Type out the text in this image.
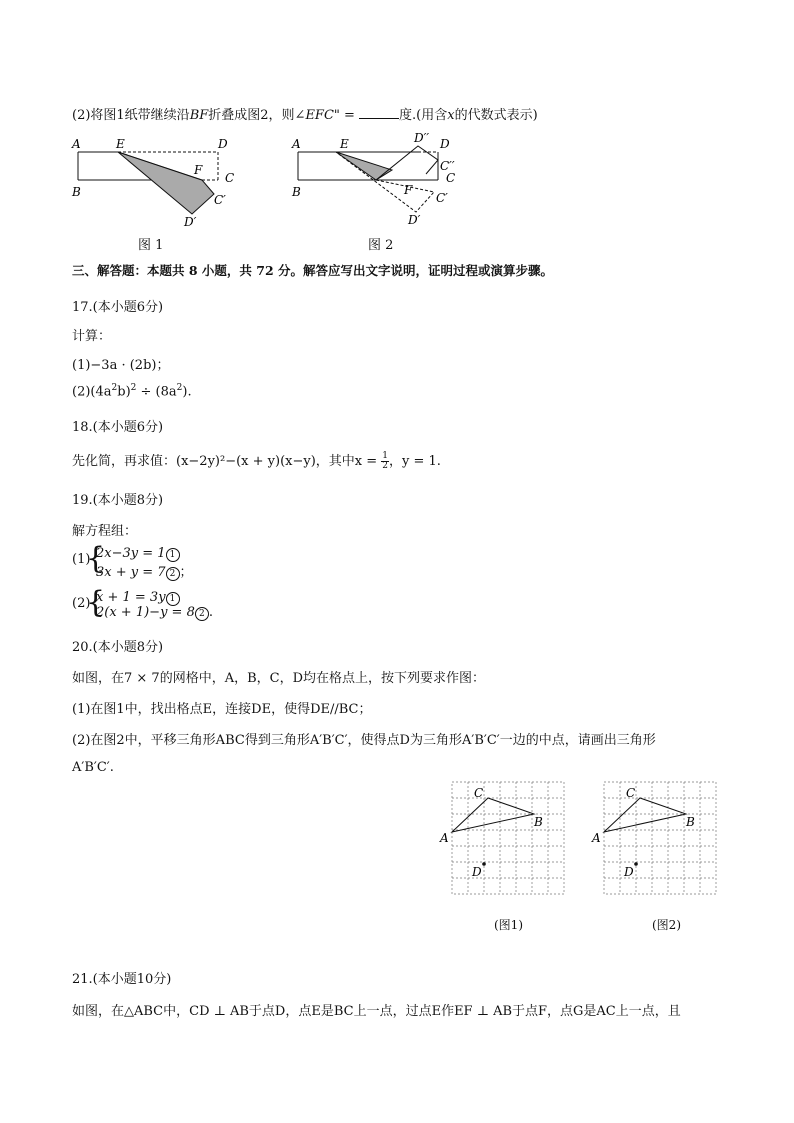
(2)将图1纸带继续沿BF折叠成图2，则∠EFC" =	度.(用含x的代数式表示)
A	E	D
F
C
B
C′
D′
图 1
A	E	D′′ D
C′′
C
F
B	C′
D′
图 2
三、解答题：本题共 8 小题，共 72 分。解答应写出文字说明，证明过程或演算步骤。
17.(本小题6分)
计算：
(1)−3a · (2b)；
$(2)(4a^2b)^2 \div (8a^2)$.
18.(本小题6分)
先化简，再求值：(x−2y)²−(x + y)(x−y)，其中$x = \frac{1}{2}$ ，y = 1.
19.(本小题8分)
解方程组：
(1)
{
2x−3y = 1 1
3x + y = 7 2 ；
(2)
{
x + 1 = 3y 1
2(x + 1)−y = 8 2 .
20.(本小题8分)
如图，在7 × 7的网格中，A，B，C，D均在格点上，按下列要求作图：
(1)在图1中，找出格点E，连接DE，使得DE//BC；
(2)在图2中，平移三角形ABC得到三角形A′B′C′，使得点D为三角形A′B′C′一边的中点，请画出三角形
A′B′C′.
C
B
A
D
(图1)
C
B
A
D
(图2)
21.(本小题10分)
如图，在△ABC中，CD ⊥ AB于点D，点E是BC上一点，过点E作EF ⊥ AB于点F，点G是AC上一点，且
